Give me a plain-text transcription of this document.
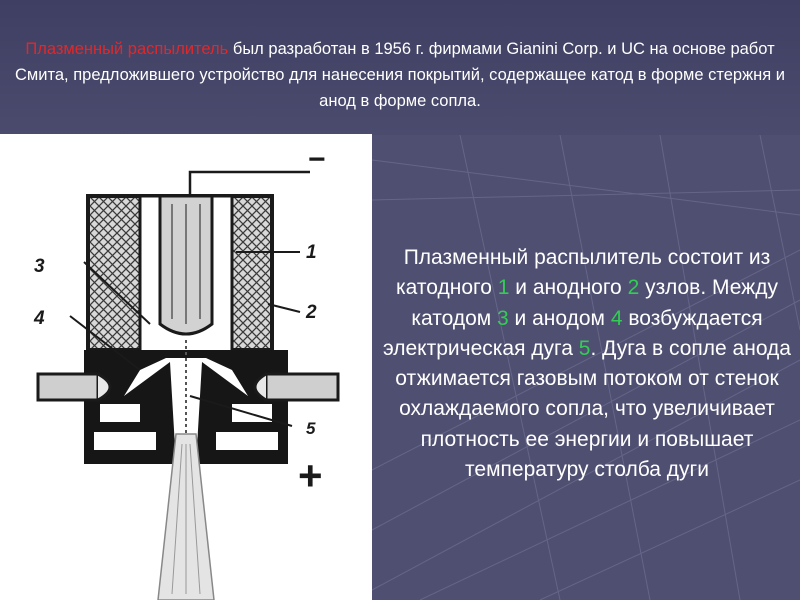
Плазменный распылитель был разработан в 1956 г. фирмами Gianini Corp. и UC на основе работ Смита, предложившего устройство для нанесения покрытий, содержащее катод в форме стержня и анод в форме сопла.
−
+
3
4
1
2
5
Плазменный распылитель состоит из катодного 1 и анодного 2 узлов. Между катодом 3 и анодом 4 возбуждается электрическая дуга 5. Дуга в сопле анода отжимается газовым потоком от стенок охлаждаемого сопла, что увеличивает плотность ее энергии и повышает температуру столба дуги
